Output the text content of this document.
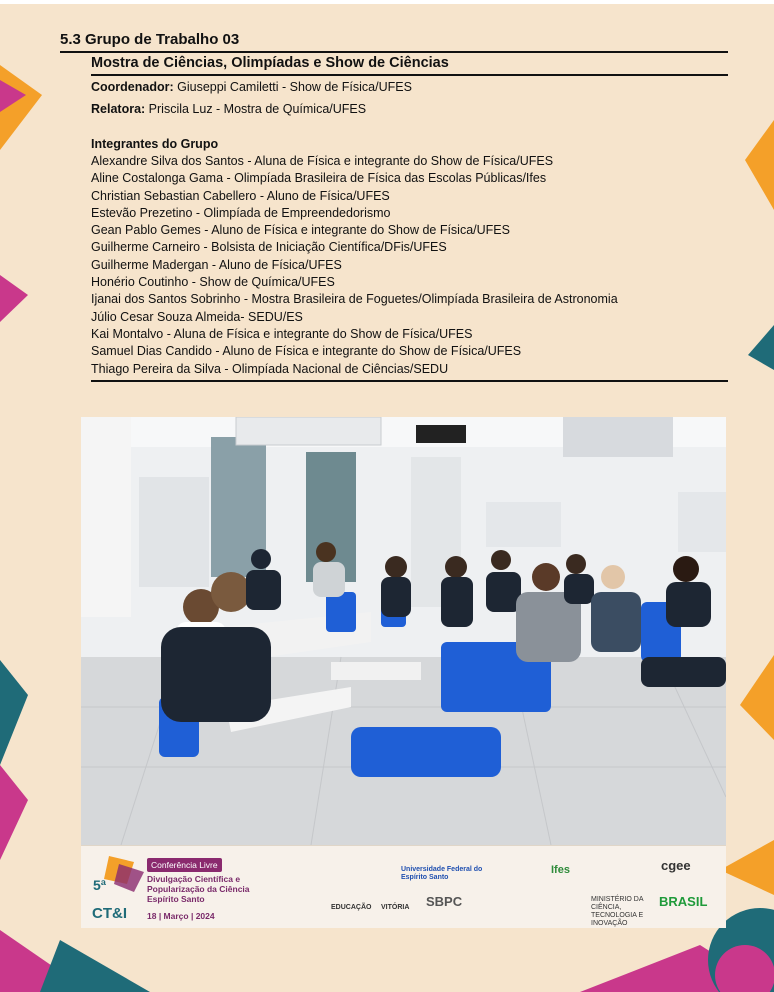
5.3 Grupo de Trabalho 03
Mostra de Ciências, Olimpíadas e Show de Ciências
Coordenador: Giuseppi Camiletti - Show de Física/UFES
Relatora: Priscila Luz - Mostra de Química/UFES
Integrantes do Grupo
Alexandre Silva dos Santos - Aluna de Física e integrante do Show de Física/UFES
Aline Costalonga Gama - Olimpíada Brasileira de Física das Escolas Públicas/Ifes
Christian Sebastian Cabellero - Aluno de Física/UFES
Estevão Prezetino - Olimpíada de Empreendedorismo
Gean Pablo Gemes - Aluno de Física e integrante do Show de Física/UFES
Guilherme Carneiro - Bolsista de Iniciação Científica/DFis/UFES
Guilherme Madergan - Aluno de Física/UFES
Honério Coutinho - Show de Química/UFES
Ijanai dos Santos Sobrinho - Mostra Brasileira de Foguetes/Olimpíada Brasileira de Astronomia
Júlio Cesar Souza Almeida- SEDU/ES
Kai Montalvo - Aluna de Física e integrante do Show de Física/UFES
Samuel Dias Candido - Aluno de Física e integrante do Show de Física/UFES
Thiago Pereira da Silva - Olimpíada Nacional de Ciências/SEDU
5ª
CT&I
Conferência Livre
Divulgação Científica e Popularização da Ciência Espírito Santo
18 | Março | 2024
Universidade Federal do Espírito Santo
Ifes	cgee
EDUCAÇÃO VITÓRIA SBPC	MINISTÉRIO DA CIÊNCIA, TECNOLOGIA E INOVAÇÃO
BRASIL
